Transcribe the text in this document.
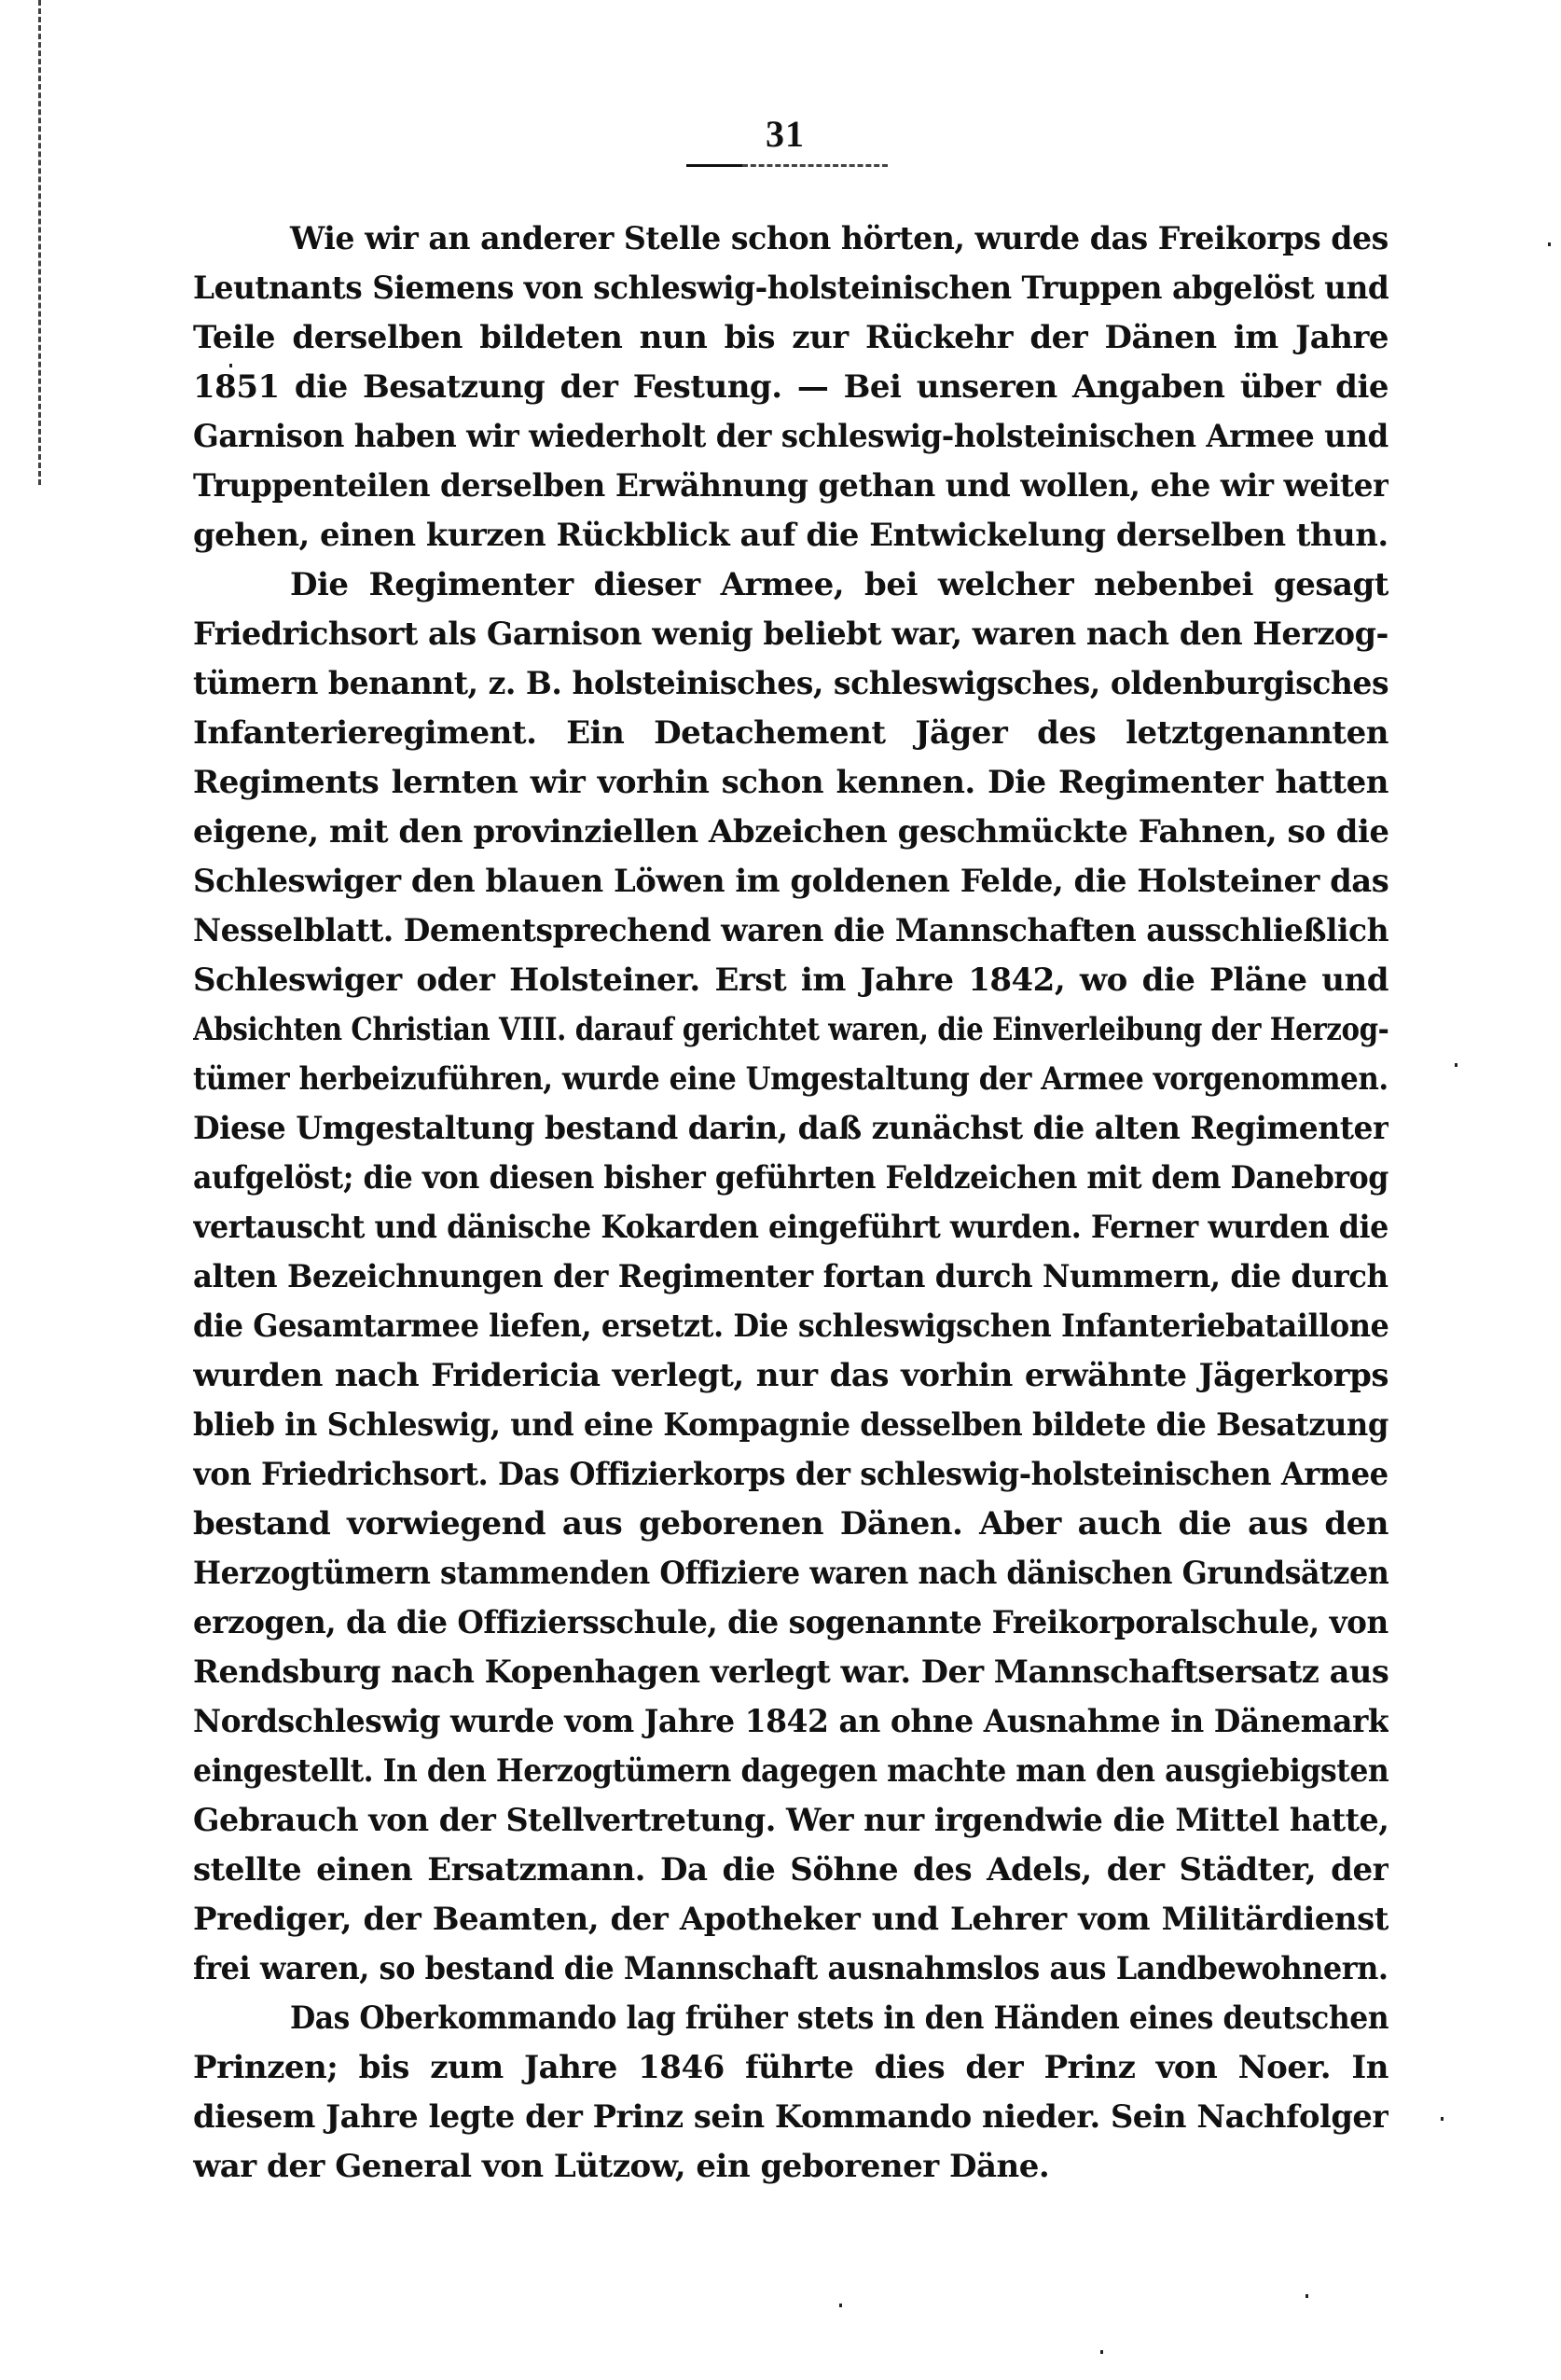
31
Wie wir an anderer Stelle schon hörten, wurde das Freikorps des
Leutnants Siemens von schleswig-holsteinischen Truppen abgelöst und
Teile derselben bildeten nun bis zur Rückehr der Dänen im Jahre
1851 die Besatzung der Festung. — Bei unseren Angaben über die
Garnison haben wir wiederholt der schleswig-holsteinischen Armee und
Truppenteilen derselben Erwähnung gethan und wollen, ehe wir weiter
gehen, einen kurzen Rückblick auf die Entwickelung derselben thun.
Die Regimenter dieser Armee, bei welcher nebenbei gesagt
Friedrichsort als Garnison wenig beliebt war, waren nach den Herzog-
tümern benannt, z. B. holsteinisches, schleswigsches, oldenburgisches
Infanterieregiment. Ein Detachement Jäger des letztgenannten
Regiments lernten wir vorhin schon kennen. Die Regimenter hatten
eigene, mit den provinziellen Abzeichen geschmückte Fahnen, so die
Schleswiger den blauen Löwen im goldenen Felde, die Holsteiner das
Nesselblatt. Dementsprechend waren die Mannschaften ausschließlich
Schleswiger oder Holsteiner. Erst im Jahre 1842, wo die Pläne und
Absichten Christian VIII. darauf gerichtet waren, die Einverleibung der Herzog-
tümer herbeizuführen, wurde eine Umgestaltung der Armee vorgenommen.
Diese Umgestaltung bestand darin, daß zunächst die alten Regimenter
aufgelöst; die von diesen bisher geführten Feldzeichen mit dem Danebrog
vertauscht und dänische Kokarden eingeführt wurden. Ferner wurden die
alten Bezeichnungen der Regimenter fortan durch Nummern, die durch
die Gesamtarmee liefen, ersetzt. Die schleswigschen Infanteriebataillone
wurden nach Fridericia verlegt, nur das vorhin erwähnte Jägerkorps
blieb in Schleswig, und eine Kompagnie desselben bildete die Besatzung
von Friedrichsort. Das Offizierkorps der schleswig-holsteinischen Armee
bestand vorwiegend aus geborenen Dänen. Aber auch die aus den
Herzogtümern stammenden Offiziere waren nach dänischen Grundsätzen
erzogen, da die Offiziersschule, die sogenannte Freikorporalschule, von
Rendsburg nach Kopenhagen verlegt war. Der Mannschaftsersatz aus
Nordschleswig wurde vom Jahre 1842 an ohne Ausnahme in Dänemark
eingestellt. In den Herzogtümern dagegen machte man den ausgiebigsten
Gebrauch von der Stellvertretung. Wer nur irgendwie die Mittel hatte,
stellte einen Ersatzmann. Da die Söhne des Adels, der Städter, der
Prediger, der Beamten, der Apotheker und Lehrer vom Militärdienst
frei waren, so bestand die Mannschaft ausnahmslos aus Landbewohnern.
Das Oberkommando lag früher stets in den Händen eines deutschen
Prinzen; bis zum Jahre 1846 führte dies der Prinz von Noer. In
diesem Jahre legte der Prinz sein Kommando nieder. Sein Nachfolger
war der General von Lützow, ein geborener Däne.
